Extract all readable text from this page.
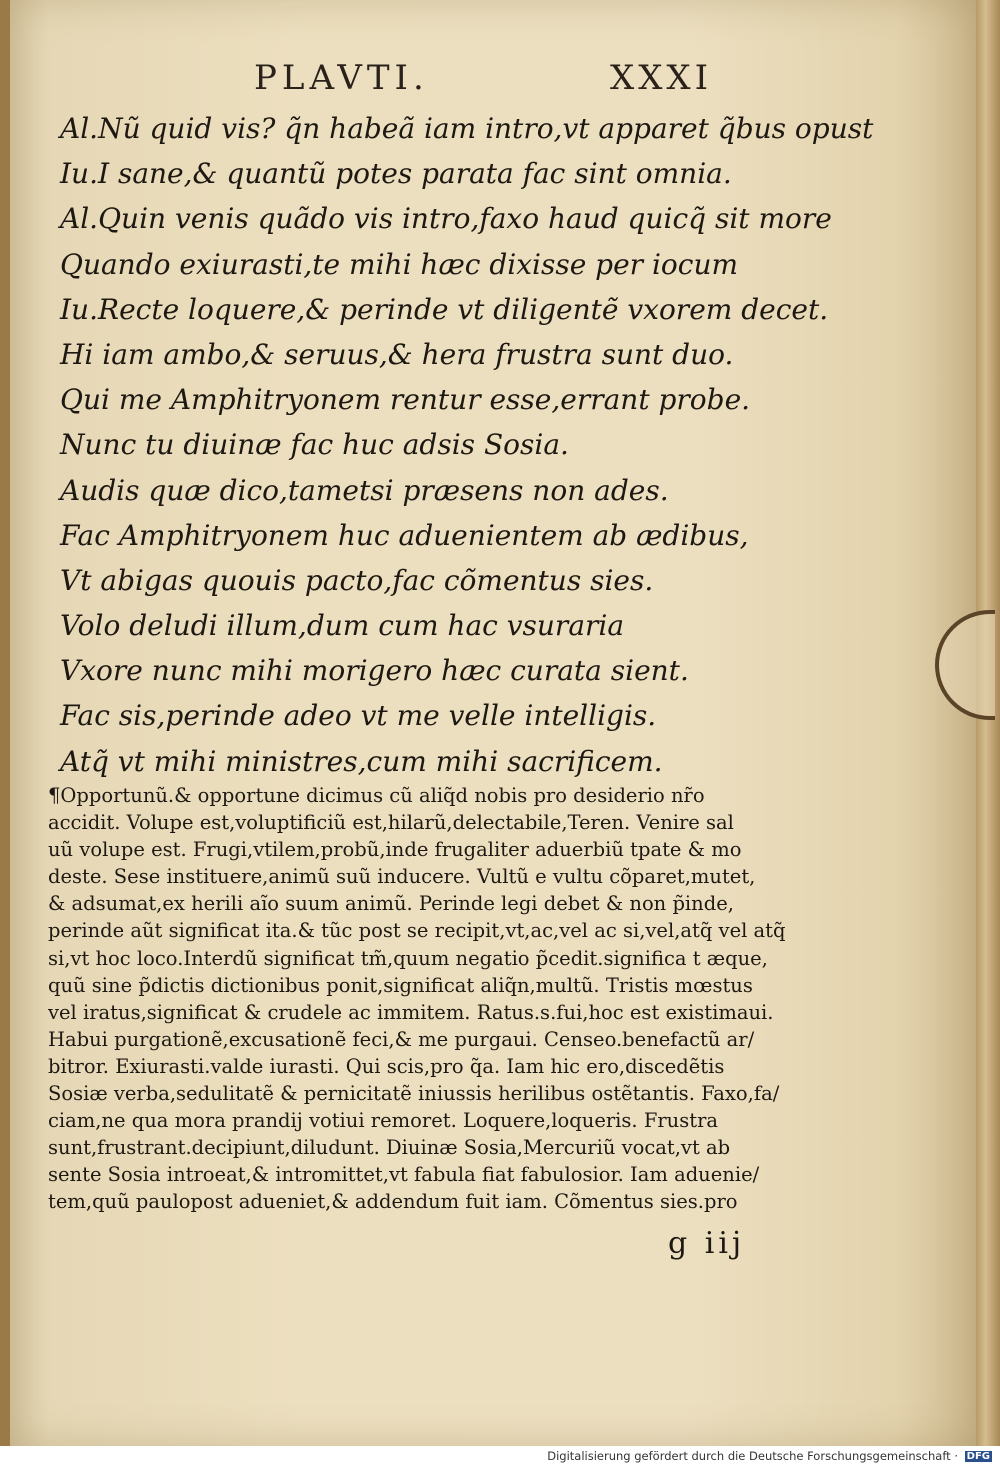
PLAVTI.	XXXI
Al.Nũ quid vis? q̃n habeã iam intro,vt apparet q̃bus opust
Iu.I sane,& quantũ potes parata fac sint omnia.
Al.Quin venis quãdo vis intro,faxo haud quicq̃ sit more
Quando exiurasti,te mihi hæc dixisse per iocum
Iu.Recte loquere,& perinde vt diligentẽ vxorem decet.
Hi iam ambo,& seruus,& hera frustra sunt duo.
Qui me Amphitryonem rentur esse,errant probe.
Nunc tu diuinæ fac huc adsis Sosia.
Audis quæ dico,tametsi præsens non ades.
Fac Amphitryonem huc aduenientem ab ædibus,
Vt abigas quouis pacto,fac cõmentus sies.
Volo deludi illum,dum cum hac vsuraria
Vxore nunc mihi morigero hæc curata sient.
Fac sis,perinde adeo vt me velle intelligis.
Atq̃ vt mihi ministres,cum mihi sacrificem.
¶Opportunũ.& opportune dicimus cũ aliq̃d nobis pro desiderio nr̃o
accidit. Volupe est,voluptificiũ est,hilarũ,delectabile,Teren. Venire sal
uũ volupe est. Frugi,vtilem,probũ,inde frugaliter aduerbiũ tpate & mo
deste. Sese instituere,animũ suũ inducere. Vultũ e vultu cõparet,mutet,
& adsumat,ex herili aĩo suum animũ. Perinde legi debet & non p̃inde,
perinde aũt significat ita.& tũc post se recipit,vt,ac,vel ac si,vel,atq̃ vel atq̃
si,vt hoc loco.Interdũ significat tm̃,quum negatio p̃cedit.significa t æque,
quũ sine p̃dictis dictionibus ponit,significat aliq̃n,multũ. Tristis mœstus
vel iratus,significat & crudele ac immitem. Ratus.s.fui,hoc est existimaui.
Habui purgationẽ,excusationẽ feci,& me purgaui. Censeo.benefactũ ar/
bitror. Exiurasti.valde iurasti. Qui scis,pro q̃a. Iam hic ero,discedẽtis
Sosiæ verba,sedulitatẽ & pernicitatẽ iniussis herilibus ostẽtantis. Faxo,fa/
ciam,ne qua mora prandij votiui remoret. Loquere,loqueris. Frustra
sunt,frustrant.decipiunt,diludunt. Diuinæ Sosia,Mercuriũ vocat,vt ab
sente Sosia introeat,& intromittet,vt fabula fiat fabulosior. Iam aduenie/
tem,quũ paulopost adueniet,& addendum fuit iam. Cõmentus sies.pro
g iij
Digitalisierung gefördert durch die Deutsche Forschungsgemeinschaft · DFG
